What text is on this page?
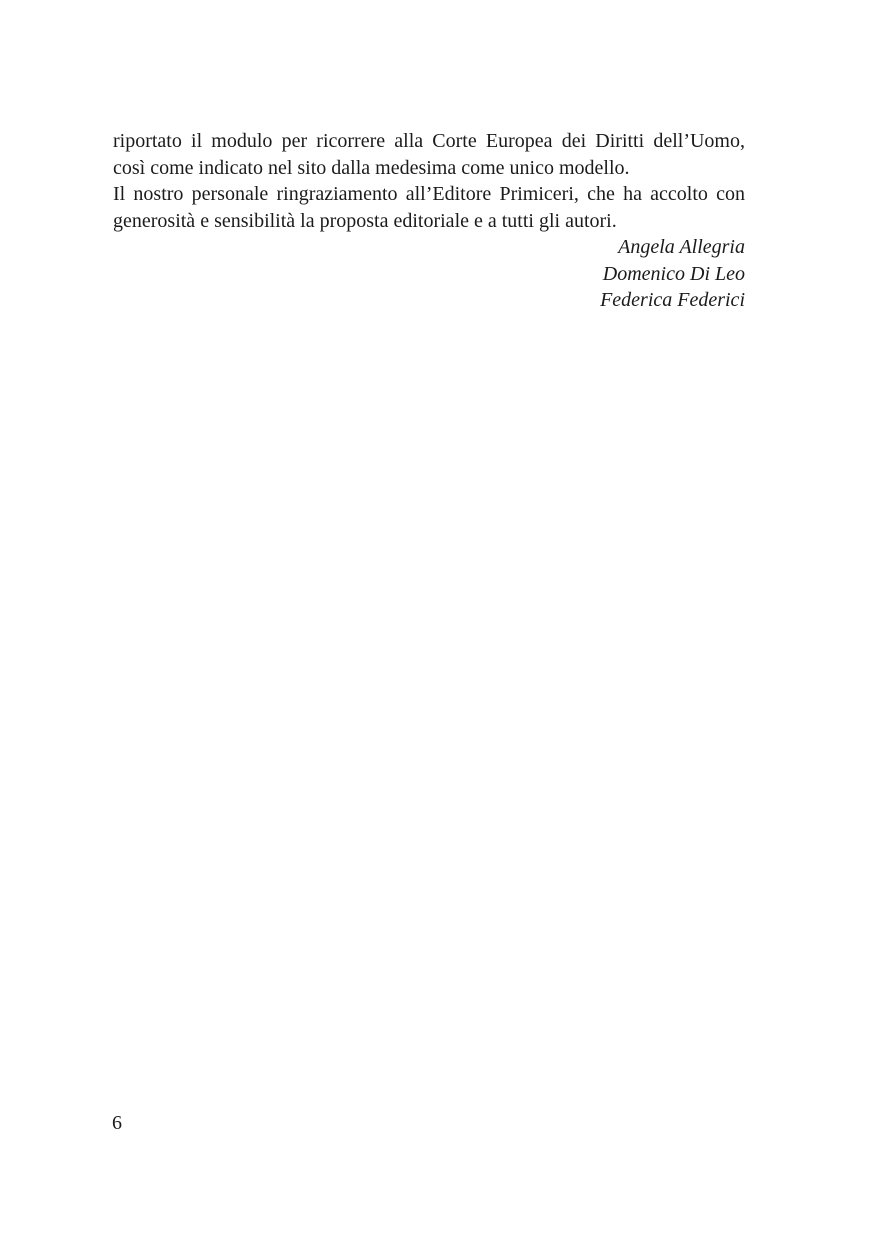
riportato il modulo per ricorrere alla Corte Europea dei Diritti dell’Uomo,
così come indicato nel sito dalla medesima come unico modello.
Il nostro personale ringraziamento all’Editore Primiceri, che ha accolto con
generosità e sensibilità la proposta editoriale e a tutti gli autori.
Angela Allegria
Domenico Di Leo
Federica Federici
6
